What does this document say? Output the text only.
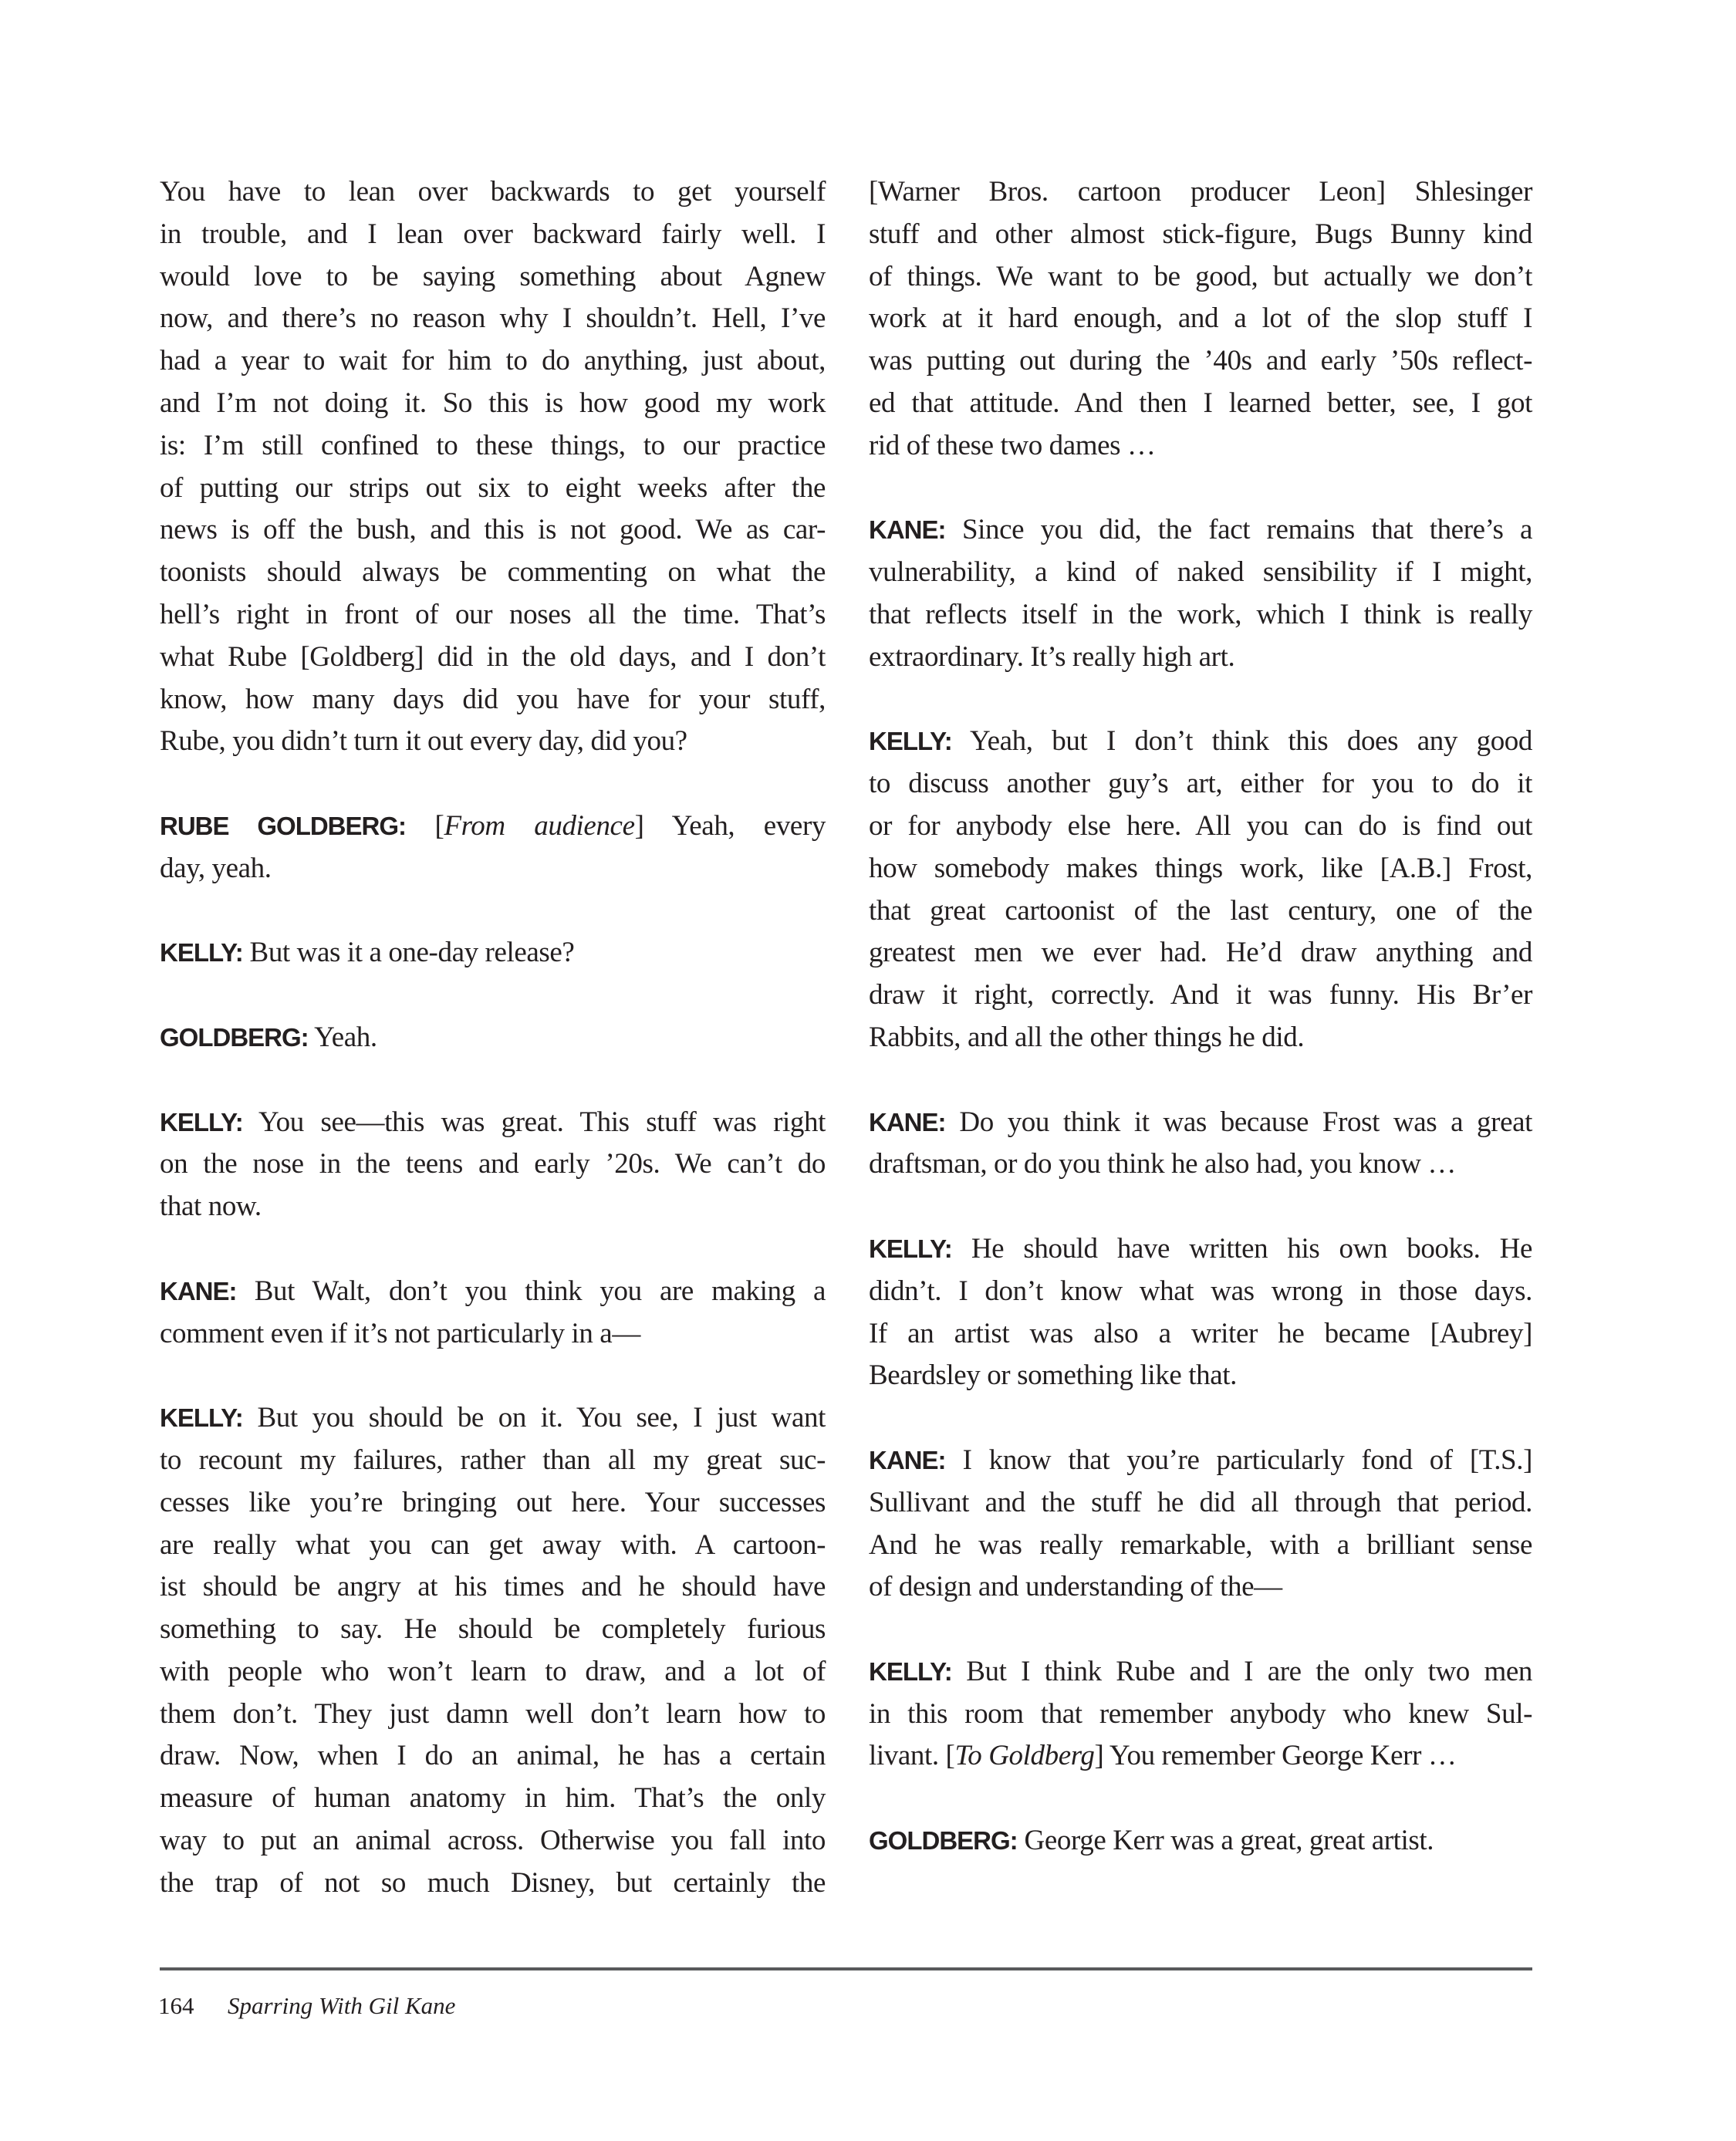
You have to lean over backwards to get yourself
in trouble, and I lean over backward fairly well. I
would love to be saying something about Agnew
now, and there’s no reason why I shouldn’t. Hell, I’ve
had a year to wait for him to do anything, just about,
and I’m not doing it. So this is how good my work
is: I’m still confined to these things, to our practice
of putting our strips out six to eight weeks after the
news is off the bush, and this is not good. We as car-
toonists should always be commenting on what the
hell’s right in front of our noses all the time. That’s
what Rube [Goldberg] did in the old days, and I don’t
know, how many days did you have for your stuff,
Rube, you didn’t turn it out every day, did you?
RUBE GOLDBERG: [From audience] Yeah, every
day, yeah.
KELLY: But was it a one-day release?
GOLDBERG: Yeah.
KELLY: You see—this was great. This stuff was right
on the nose in the teens and early ’20s. We can’t do
that now.
KANE: But Walt, don’t you think you are making a
comment even if it’s not particularly in a—
KELLY: But you should be on it. You see, I just want
to recount my failures, rather than all my great suc-
cesses like you’re bringing out here. Your successes
are really what you can get away with. A cartoon-
ist should be angry at his times and he should have
something to say. He should be completely furious
with people who won’t learn to draw, and a lot of
them don’t. They just damn well don’t learn how to
draw. Now, when I do an animal, he has a certain
measure of human anatomy in him. That’s the only
way to put an animal across. Otherwise you fall into
the trap of not so much Disney, but certainly the
[Warner Bros. cartoon producer Leon] Shlesinger
stuff and other almost stick-figure, Bugs Bunny kind
of things. We want to be good, but actually we don’t
work at it hard enough, and a lot of the slop stuff I
was putting out during the ’40s and early ’50s reflect-
ed that attitude. And then I learned better, see, I got
rid of these two dames …
KANE: Since you did, the fact remains that there’s a
vulnerability, a kind of naked sensibility if I might,
that reflects itself in the work, which I think is really
extraordinary. It’s really high art.
KELLY: Yeah, but I don’t think this does any good
to discuss another guy’s art, either for you to do it
or for anybody else here. All you can do is find out
how somebody makes things work, like [A.B.] Frost,
that great cartoonist of the last century, one of the
greatest men we ever had. He’d draw anything and
draw it right, correctly. And it was funny. His Br’er
Rabbits, and all the other things he did.
KANE: Do you think it was because Frost was a great
draftsman, or do you think he also had, you know …
KELLY: He should have written his own books. He
didn’t. I don’t know what was wrong in those days.
If an artist was also a writer he became [Aubrey]
Beardsley or something like that.
KANE: I know that you’re particularly fond of [T.S.]
Sullivant and the stuff he did all through that period.
And he was really remarkable, with a brilliant sense
of design and understanding of the—
KELLY: But I think Rube and I are the only two men
in this room that remember anybody who knew Sul-
livant. [To Goldberg] You remember George Kerr …
GOLDBERG: George Kerr was a great, great artist.
164 Sparring With Gil Kane
